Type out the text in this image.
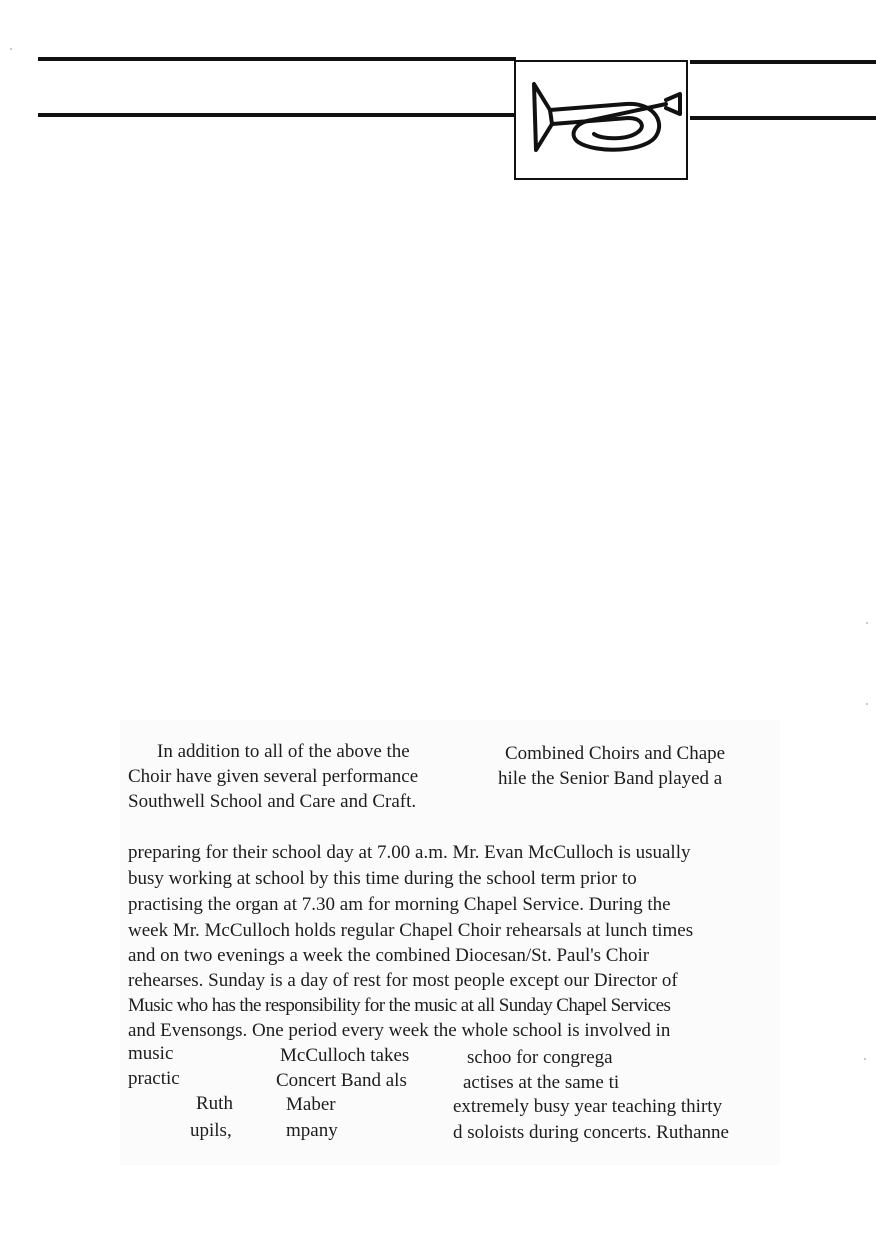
In addition to all of the above the

Choir have given several performance

Southwell School and Care and Craft.

Combined Choirs and Chape

hile the Senior Band played a

preparing for their school day at 7.00 a.m. Mr. Evan McCulloch is usually

busy working at school by this time during the school term prior to

practising the organ at 7.30 am for morning Chapel Service. During the

week Mr. McCulloch holds regular Chapel Choir rehearsals at lunch times

and on two evenings a week the combined Diocesan/St. Paul's Choir

rehearses. Sunday is a day of rest for most people except our Director of

Music who has the responsibility for the music at all Sunday Chapel Services

and Evensongs. One period every week the whole school is involved in

music	McCulloch takes	schoo for congrega

practic	Concert Band als	actises at the same ti

Ruth	Maber	extremely busy year teaching thirty

upils,	mpany	d soloists during concerts. Ruthanne
